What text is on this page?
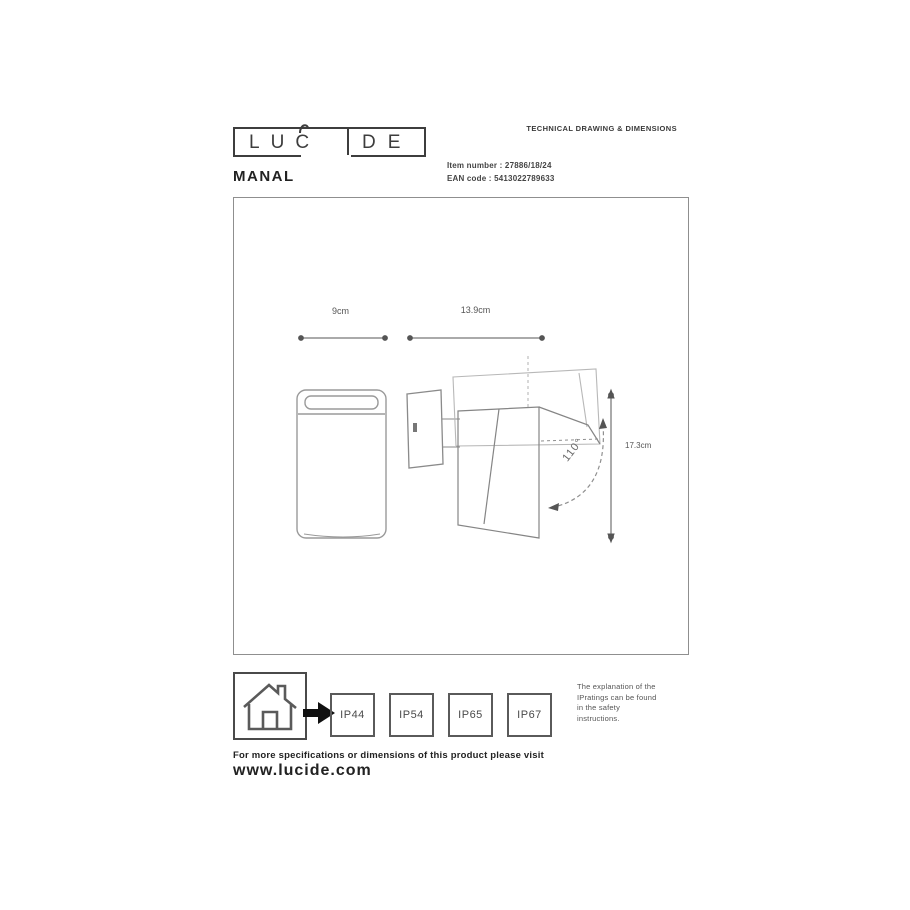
L U C	D E
TECHNICAL DRAWING & DIMENSIONS
MANAL
Item number : 27886/18/24
EAN code : 5413022789633
9cm	13.9cm
17.3cm
110°
IP44	IP54	IP65	IP67
The explanation of the
IPratings can be found
in the safety
instructions.
For more specifications or dimensions of this product please visit
www.lucide.com
